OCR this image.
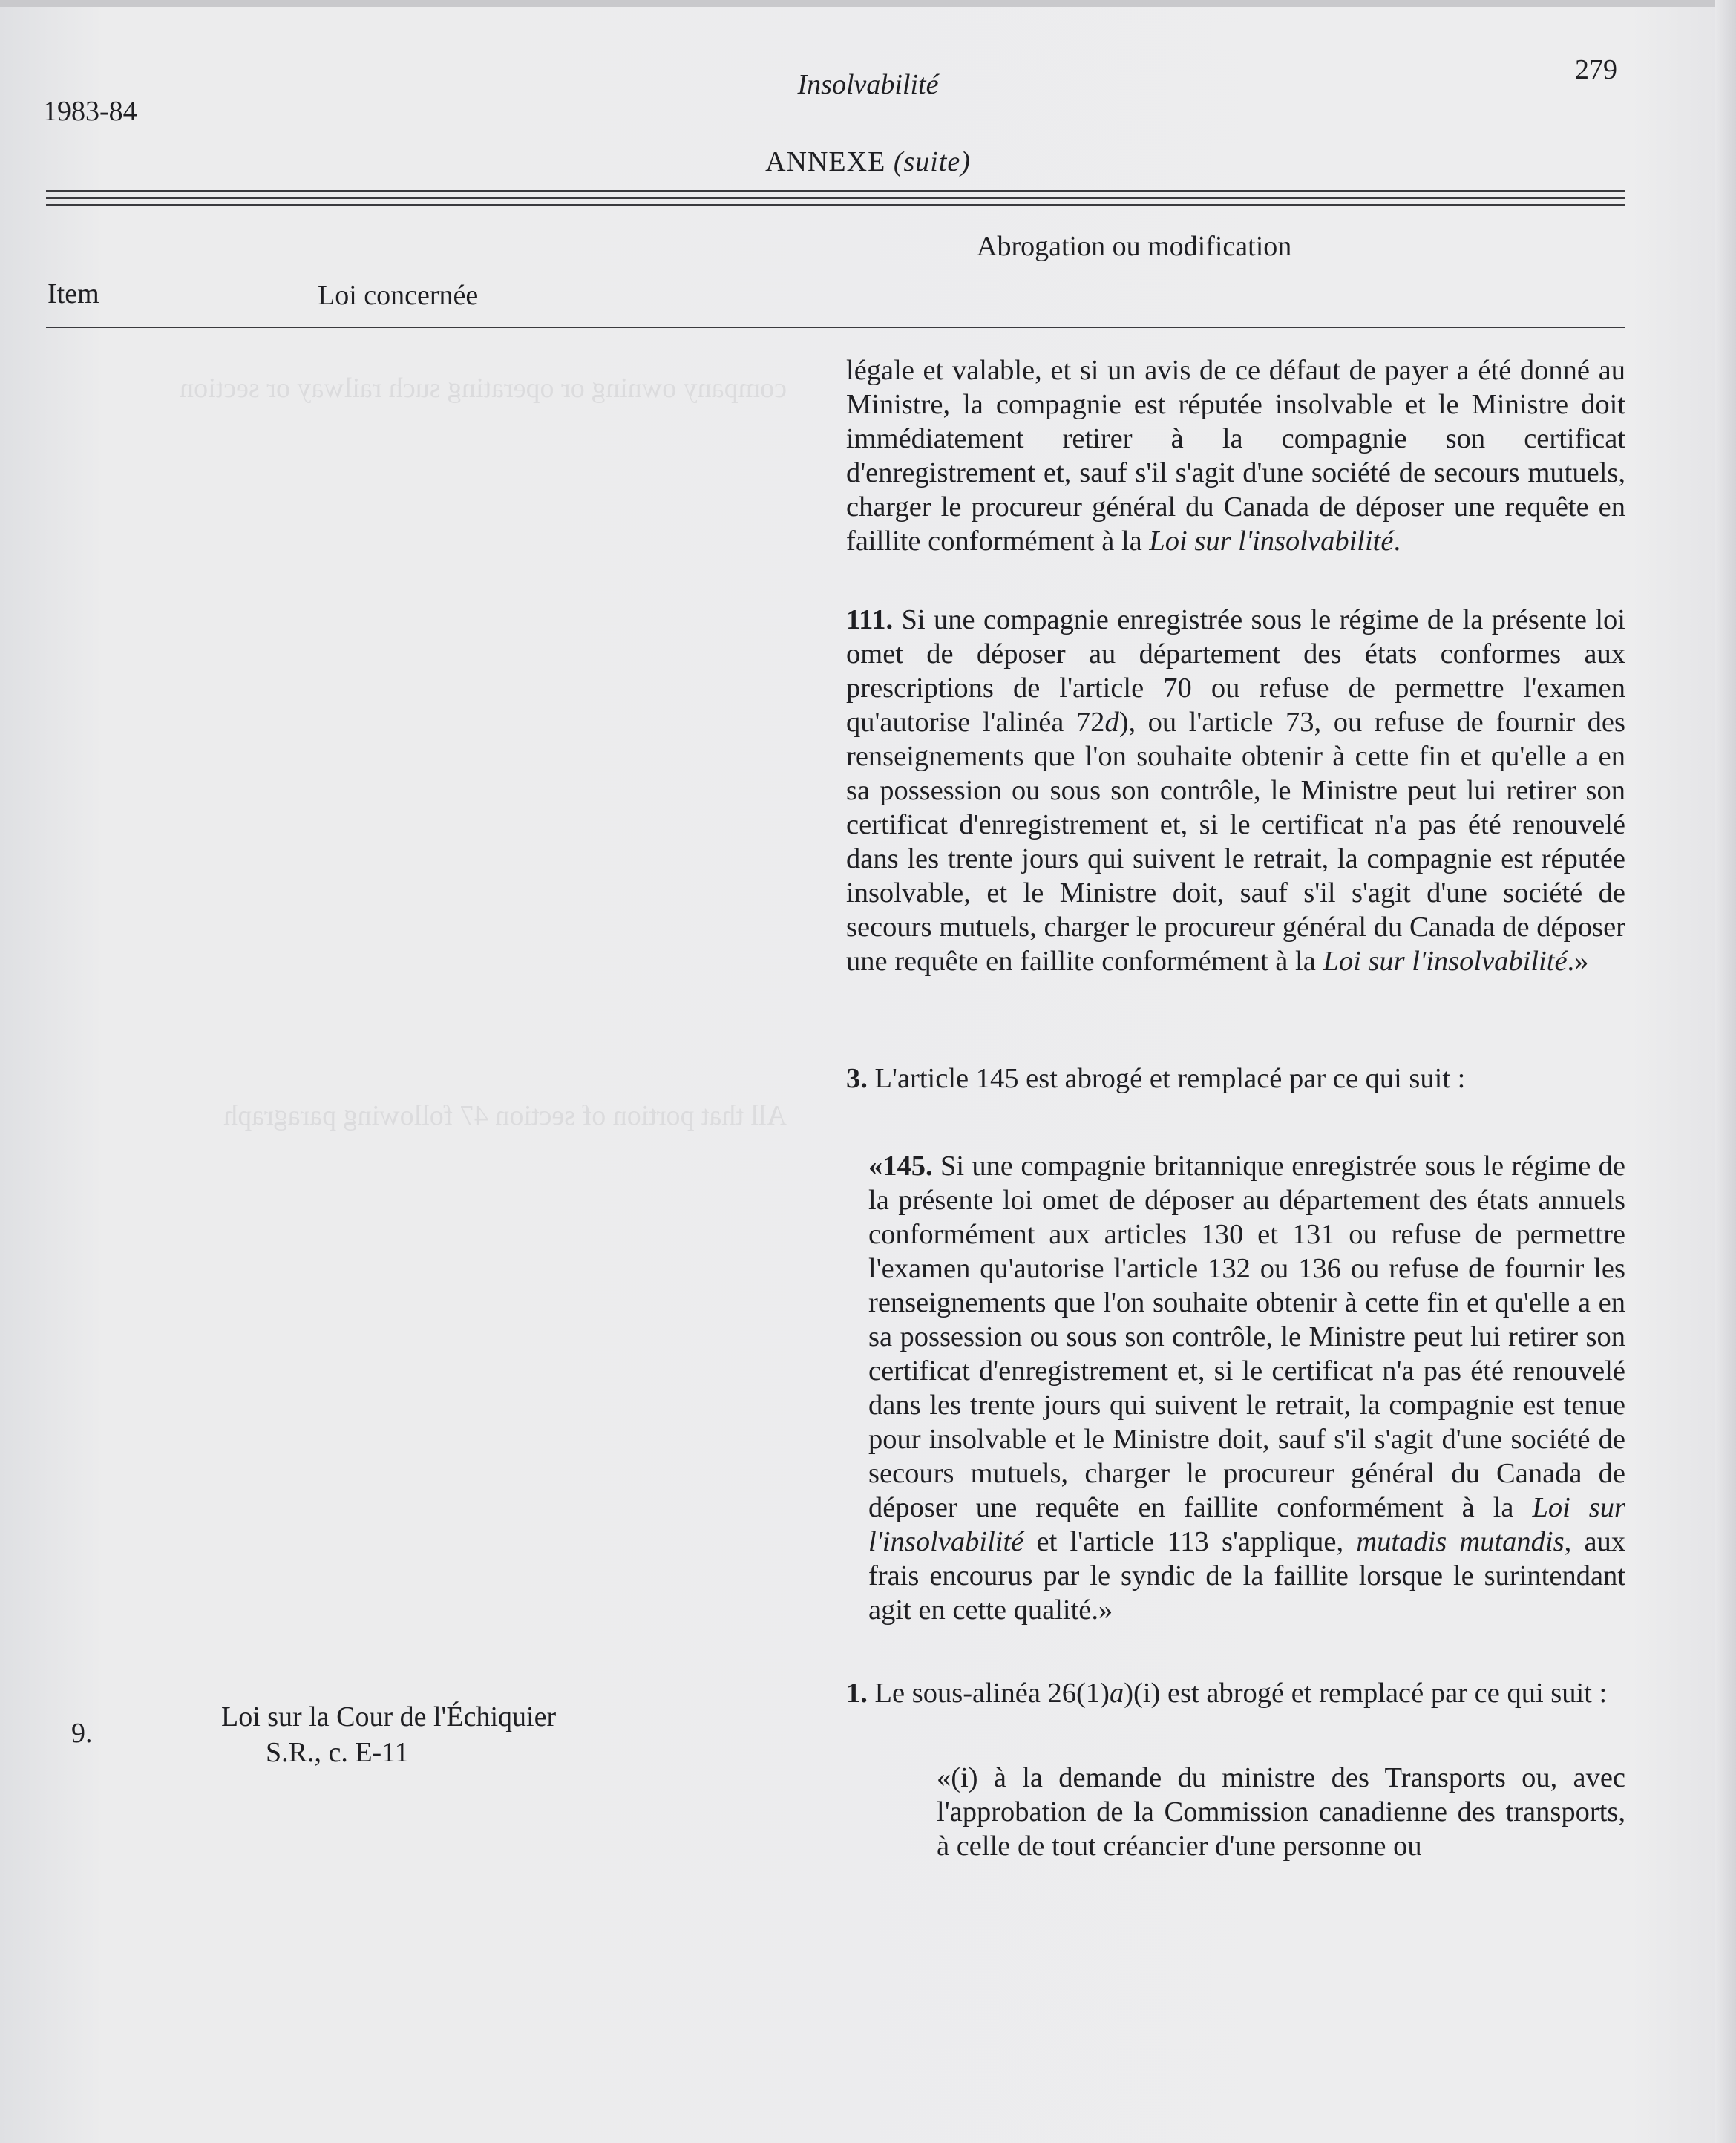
company owning or operating such railway or section
All that portion of section 47 following paragraph
1983-84
Insolvabilité	279
ANNEXE (suite)
Item	Loi concernée
Abrogation ou modification

légale et valable, et si un avis de ce défaut de payer a été donné au Ministre, la compagnie est réputée insolvable et le Ministre doit immédiatement retirer à la compagnie son certificat d'enregistrement et, sauf s'il s'agit d'une société de secours mutuels, charger le procureur général du Canada de déposer une requête en faillite conformément à la Loi sur l'insolvabilité.

111. Si une compagnie enregistrée sous le régime de la présente loi omet de déposer au département des états conformes aux prescriptions de l'article 70 ou refuse de permettre l'examen qu'autorise l'alinéa 72d), ou l'article 73, ou refuse de fournir des renseignements que l'on souhaite obtenir à cette fin et qu'elle a en sa possession ou sous son contrôle, le Ministre peut lui retirer son certificat d'enregistrement et, si le certificat n'a pas été renouvelé dans les trente jours qui suivent le retrait, la compagnie est réputée insolvable, et le Ministre doit, sauf s'il s'agit d'une société de secours mutuels, charger le procureur général du Canada de déposer une requête en faillite conformément à la Loi sur l'insolvabilité.»

3. L'article 145 est abrogé et remplacé par ce qui suit :

«145. Si une compagnie britannique enregistrée sous le régime de la présente loi omet de déposer au département des états annuels conformément aux articles 130 et 131 ou refuse de permettre l'examen qu'autorise l'article 132 ou 136 ou refuse de fournir les renseignements que l'on souhaite obtenir à cette fin et qu'elle a en sa possession ou sous son contrôle, le Ministre peut lui retirer son certificat d'enregistrement et, si le certificat n'a pas été renouvelé dans les trente jours qui suivent le retrait, la compagnie est tenue pour insolvable et le Ministre doit, sauf s'il s'agit d'une société de secours mutuels, charger le procureur général du Canada de déposer une requête en faillite conformément à la Loi sur l'insolvabilité et l'article 113 s'applique, mutadis mutandis, aux frais encourus par le syndic de la faillite lorsque le surintendant agit en cette qualité.»

1. Le sous-alinéa 26(1)a)(i) est abrogé et remplacé par ce qui suit :

«(i) à la demande du ministre des Transports ou, avec l'approbation de la Commission canadienne des transports, à celle de tout créancier d'une personne ou

9.
Loi sur la Cour de l'Échiquier
S.R., c. E-11
